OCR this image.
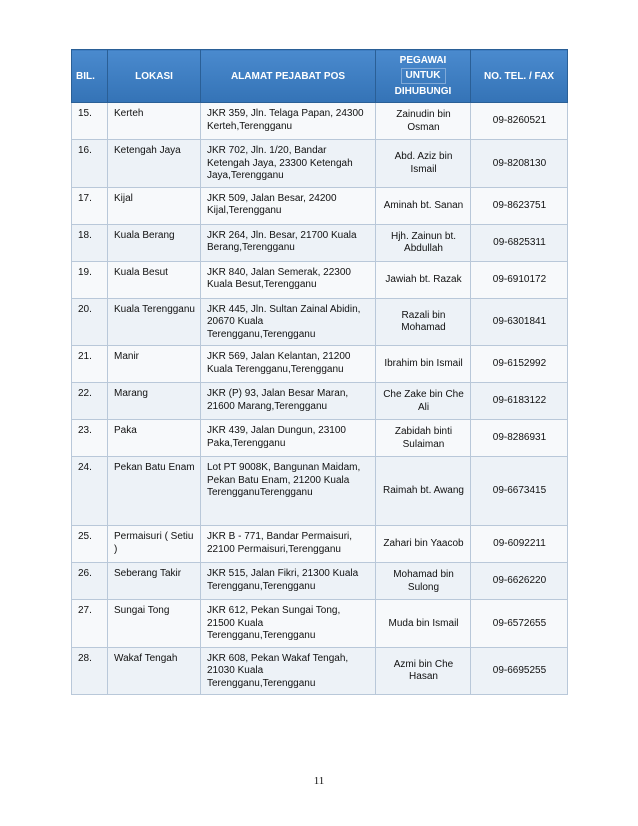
BIL.	LOKASI	ALAMAT PEJABAT POS	PEGAWAI
UNTUK
DIHUBUNGI	NO. TEL. / FAX
15.	Kerteh	JKR 359, Jln. Telaga Papan, 24300 Kerteh,Terengganu	Zainudin bin Osman	09-8260521
16.	Ketengah Jaya	JKR 702, Jln. 1/20, Bandar Ketengah Jaya, 23300 Ketengah Jaya,Terengganu	Abd. Aziz bin Ismail	09-8208130
17.	Kijal	JKR 509, Jalan Besar, 24200 Kijal,Terengganu	Aminah bt. Sanan	09-8623751
18.	Kuala Berang	JKR 264, Jln. Besar, 21700 Kuala Berang,Terengganu	Hjh. Zainun bt. Abdullah	09-6825311
19.	Kuala Besut	JKR 840, Jalan Semerak, 22300 Kuala Besut,Terengganu	Jawiah bt. Razak	09-6910172
20.	Kuala Terengganu	JKR 445, Jln. Sultan Zainal Abidin, 20670 Kuala Terengganu,Terengganu	Razali bin Mohamad	09-6301841
21.	Manir	JKR 569, Jalan Kelantan, 21200 Kuala Terengganu,Terengganu	Ibrahim bin Ismail	09-6152992
22.	Marang	JKR (P) 93, Jalan Besar Maran, 21600 Marang,Terengganu	Che Zake bin Che Ali	09-6183122
23.	Paka	JKR 439, Jalan Dungun, 23100 Paka,Terengganu	Zabidah binti Sulaiman	09-8286931
24.	Pekan Batu Enam	Lot PT 9008K, Bangunan Maidam, Pekan Batu Enam, 21200 Kuala TerengganuTerengganu	Raimah bt. Awang	09-6673415
25.	Permaisuri ( Setiu )	JKR B - 771, Bandar Permaisuri, 22100 Permaisuri,Terengganu	Zahari bin Yaacob	09-6092211
26.	Seberang Takir	JKR 515, Jalan Fikri, 21300 Kuala Terengganu,Terengganu	Mohamad bin Sulong	09-6626220
27.	Sungai Tong	JKR 612, Pekan Sungai Tong, 21500 Kuala Terengganu,Terengganu	Muda bin Ismail	09-6572655
28.	Wakaf Tengah	JKR 608, Pekan Wakaf Tengah, 21030 Kuala Terengganu,Terengganu	Azmi bin Che Hasan	09-6695255
11
